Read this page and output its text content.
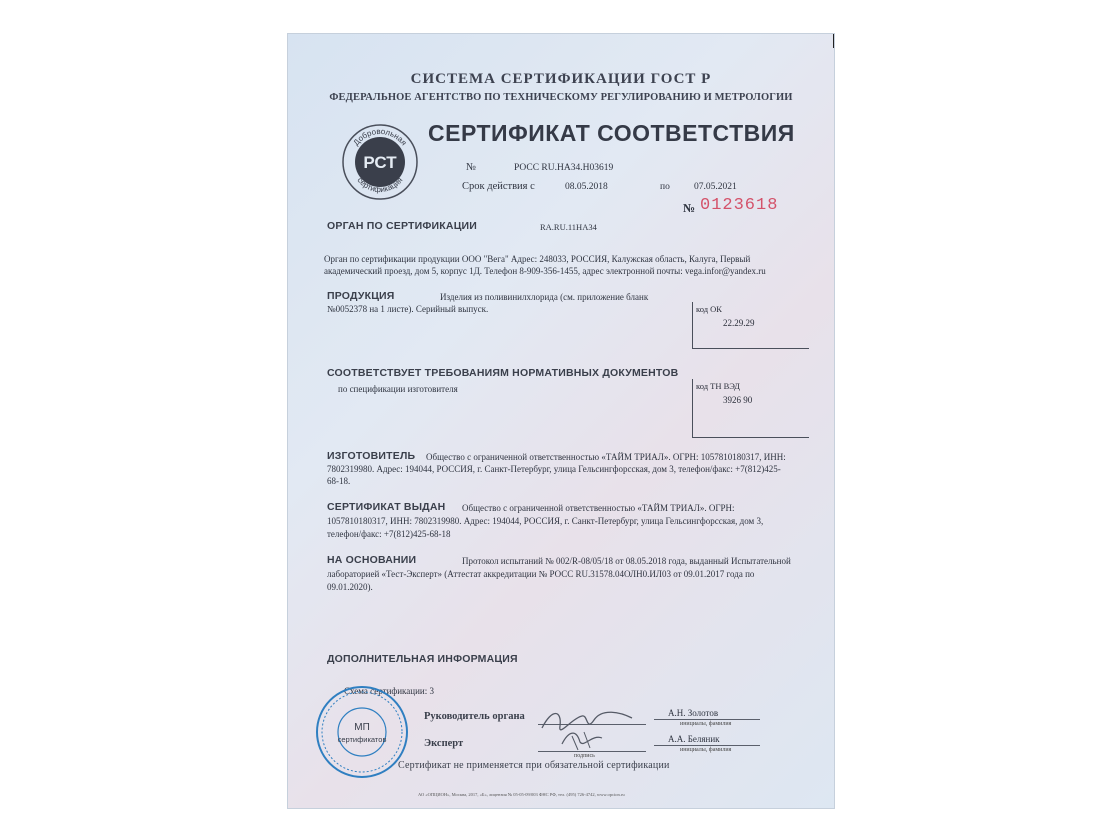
СИСТЕМА СЕРТИФИКАЦИИ ГОСТ Р
ФЕДЕРАЛЬНОЕ АГЕНТСТВО ПО ТЕХНИЧЕСКОМУ РЕГУЛИРОВАНИЮ И МЕТРОЛОГИИ
Добровольная
сертификация
РСТ
СЕРТИФИКАТ СООТВЕТСТВИЯ
№	РОСС RU.НА34.Н03619
Срок действия с	08.05.2018	по	07.05.2021
№ 0123618
ОРГАН ПО СЕРТИФИКАЦИИ	RA.RU.11НА34
Орган по сертификации продукции ООО "Вега" Адрес: 248033, РОССИЯ, Калужская область, Калуга, Первый
академический проезд, дом 5, корпус 1Д. Телефон 8-909-356-1455, адрес электронной почты: vega.infor@yandex.ru
ПРОДУКЦИЯ	Изделия из поливинилхлорида (см. приложение бланк
№0052378 на 1 листе). Серийный выпуск.	код ОК
22.29.29
СООТВЕТСТВУЕТ ТРЕБОВАНИЯМ НОРМАТИВНЫХ ДОКУМЕНТОВ
по спецификации изготовителя	код ТН ВЭД
3926 90
ИЗГОТОВИТЕЛЬ Общество с ограниченной ответственностью «ТАЙМ ТРИАЛ». ОГРН: 1057810180317, ИНН:
7802319980. Адрес: 194044, РОССИЯ, г. Санкт-Петербург, улица Гельсингфорсская, дом 3, телефон/факс: +7(812)425-
68-18.
СЕРТИФИКАТ ВЫДАН Общество с ограниченной ответственностью «ТАЙМ ТРИАЛ». ОГРН:
1057810180317, ИНН: 7802319980. Адрес: 194044, РОССИЯ, г. Санкт-Петербург, улица Гельсингфорсская, дом 3,
телефон/факс: +7(812)425-68-18
НА ОСНОВАНИИ	Протокол испытаний № 002/R-08/05/18 от 08.05.2018 года, выданный Испытательной
лабораторией «Тест-Эксперт» (Аттестат аккредитации № РОСС RU.31578.04ОЛН0.ИЛ03 от 09.01.2017 года по
09.01.2020).
ДОПОЛНИТЕЛЬНАЯ ИНФОРМАЦИЯ
Схема сертификации: 3
Руководитель органа
Эксперт
подпись
А.Н. Золотов
инициалы, фамилия
А.А. Беляник
инициалы, фамилия
МП
сертификатов
Сертификат не применяется при обязательной сертификации
АО «ОПЦИОН», Москва, 2017, «Б», лицензия № 05-05-09/003 ФНС РФ, тел. (495) 726-4742, www.opcion.ru
